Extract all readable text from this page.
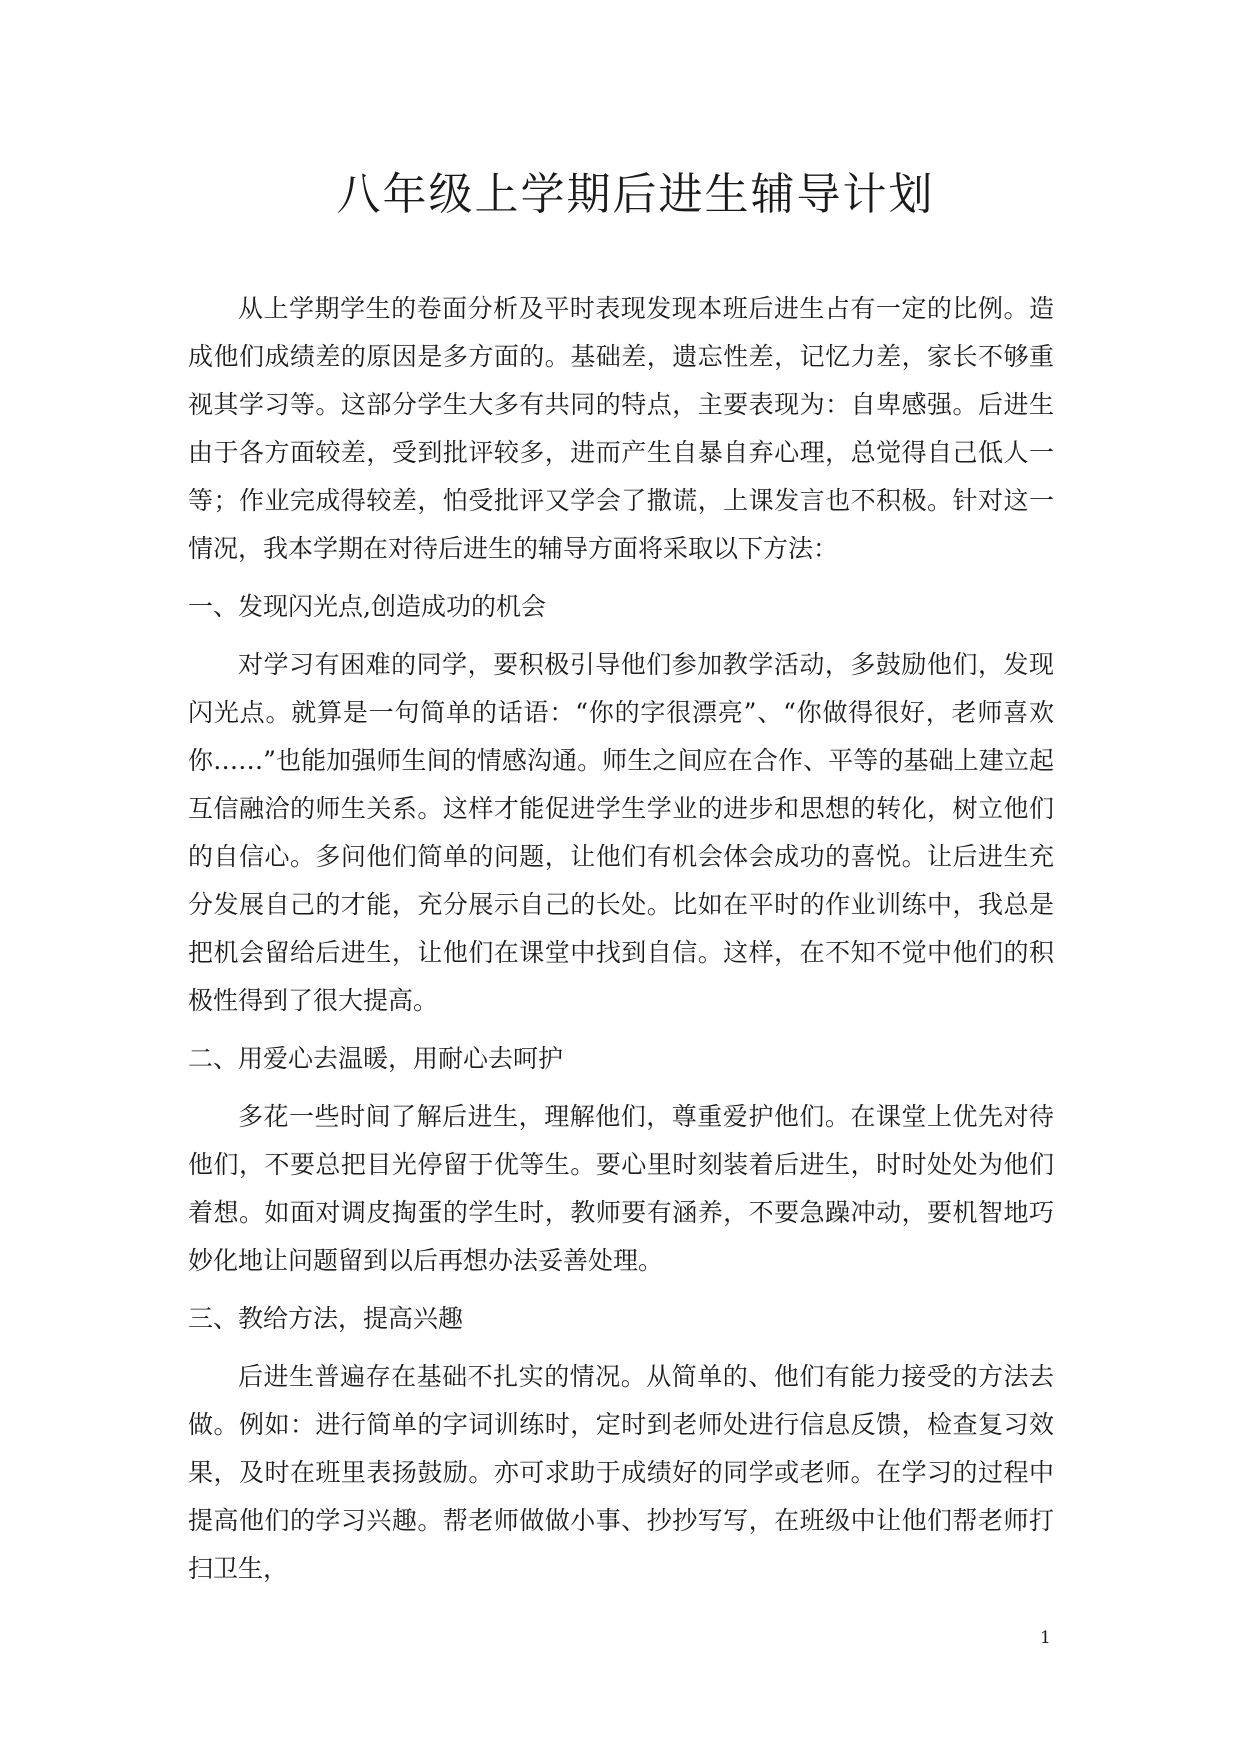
八年级上学期后进生辅导计划

从上学期学生的卷面分析及平时表现发现本班后进生占有一定的比例。造成他们成绩差的原因是多方面的。基础差，遗忘性差，记忆力差，家长不够重视其学习等。这部分学生大多有共同的特点，主要表现为：自卑感强。后进生由于各方面较差，受到批评较多，进而产生自暴自弃心理，总觉得自己低人一等；作业完成得较差，怕受批评又学会了撒谎，上课发言也不积极。针对这一情况，我本学期在对待后进生的辅导方面将采取以下方法：

一、发现闪光点,创造成功的机会

对学习有困难的同学，要积极引导他们参加教学活动，多鼓励他们，发现闪光点。就算是一句简单的话语：“你的字很漂亮”、“你做得很好，老师喜欢你……”也能加强师生间的情感沟通。师生之间应在合作、平等的基础上建立起互信融洽的师生关系。这样才能促进学生学业的进步和思想的转化，树立他们的自信心。多问他们简单的问题，让他们有机会体会成功的喜悦。让后进生充分发展自己的才能，充分展示自己的长处。比如在平时的作业训练中，我总是把机会留给后进生，让他们在课堂中找到自信。这样，在不知不觉中他们的积极性得到了很大提高。

二、用爱心去温暖，用耐心去呵护

多花一些时间了解后进生，理解他们，尊重爱护他们。在课堂上优先对待他们，不要总把目光停留于优等生。要心里时刻装着后进生，时时处处为他们着想。如面对调皮掏蛋的学生时，教师要有涵养，不要急躁冲动，要机智地巧妙化地让问题留到以后再想办法妥善处理。

三、教给方法，提高兴趣

后进生普遍存在基础不扎实的情况。从简单的、他们有能力接受的方法去做。例如：进行简单的字词训练时，定时到老师处进行信息反馈，检查复习效果，及时在班里表扬鼓励。亦可求助于成绩好的同学或老师。在学习的过程中提高他们的学习兴趣。帮老师做做小事、抄抄写写，在班级中让他们帮老师打扫卫生，

1
